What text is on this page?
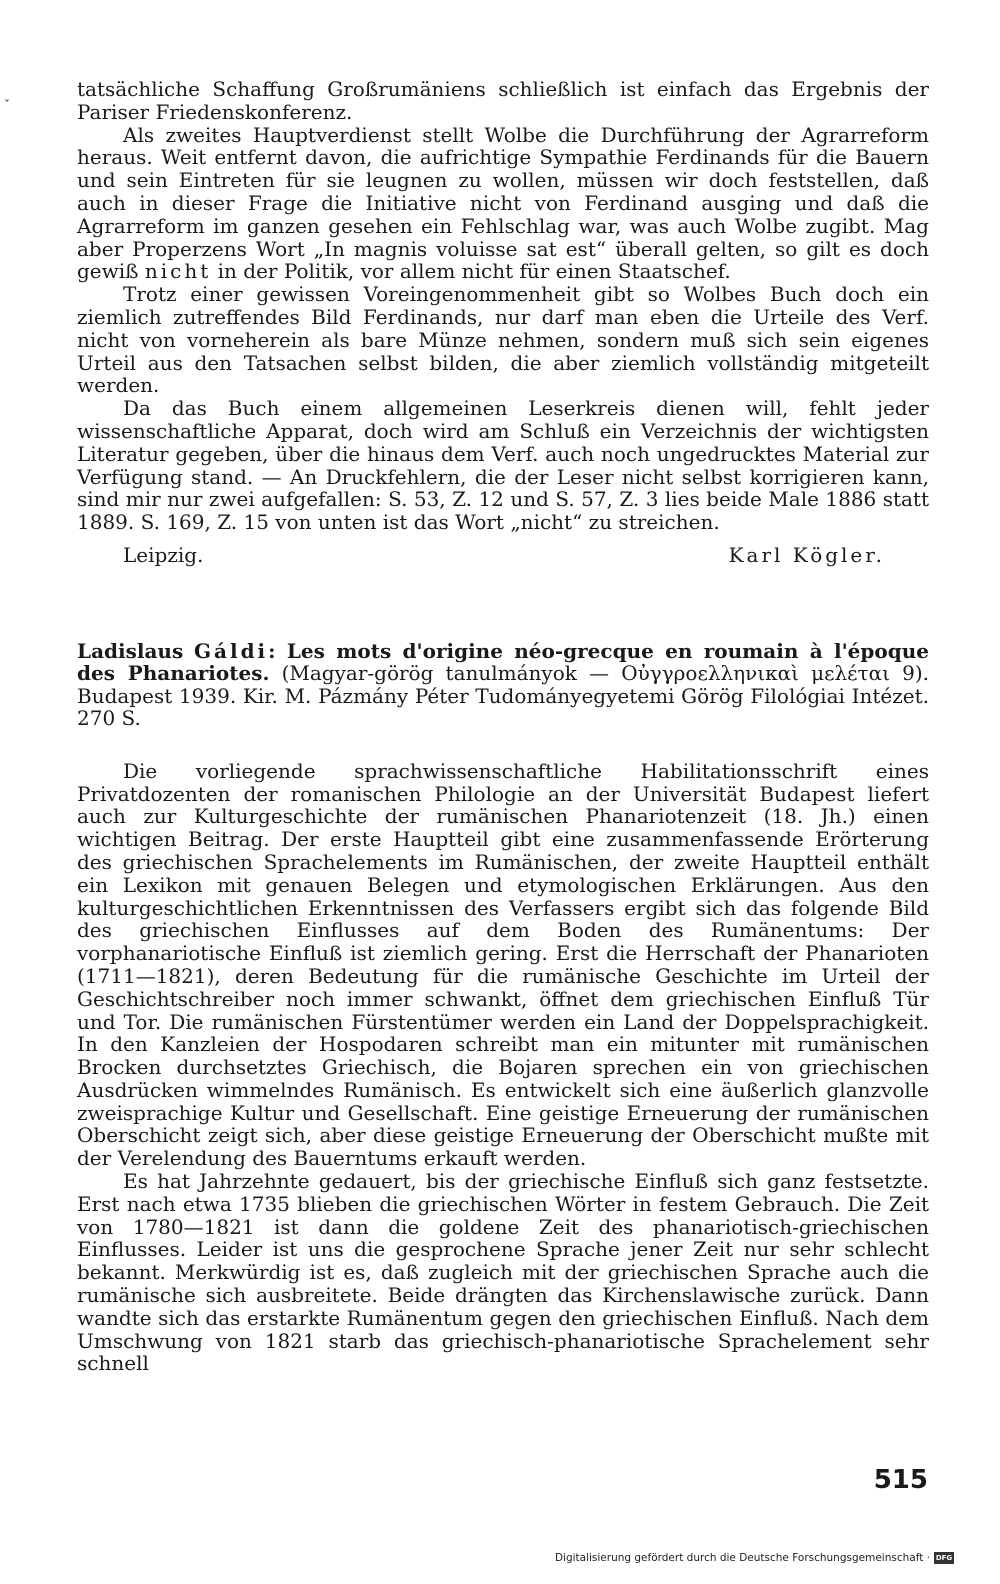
ˇ

tatsächliche Schaffung Großrumäniens schließlich ist einfach das Ergebnis der Pariser Friedenskonferenz.

Als zweites Hauptverdienst stellt Wolbe die Durchführung der Agrarreform heraus. Weit entfernt davon, die aufrichtige Sympathie Ferdinands für die Bauern und sein Eintreten für sie leugnen zu wollen, müssen wir doch feststellen, daß auch in dieser Frage die Initiative nicht von Ferdinand ausging und daß die Agrarreform im ganzen gesehen ein Fehlschlag war, was auch Wolbe zugibt. Mag aber Properzens Wort „In magnis voluisse sat est“ überall gelten, so gilt es doch gewiß nicht in der Politik, vor allem nicht für einen Staatschef.

Trotz einer gewissen Voreingenommenheit gibt so Wolbes Buch doch ein ziemlich zutreffendes Bild Ferdinands, nur darf man eben die Urteile des Verf. nicht von vorneherein als bare Münze nehmen, sondern muß sich sein eigenes Urteil aus den Tatsachen selbst bilden, die aber ziemlich vollständig mitgeteilt werden.

Da das Buch einem allgemeinen Leserkreis dienen will, fehlt jeder wissenschaftliche Apparat, doch wird am Schluß ein Verzeichnis der wichtigsten Literatur gegeben, über die hinaus dem Verf. auch noch ungedrucktes Material zur Verfügung stand. — An Druckfehlern, die der Leser nicht selbst korrigieren kann, sind mir nur zwei aufgefallen: S. 53, Z. 12 und S. 57, Z. 3 lies beide Male 1886 statt 1889. S. 169, Z. 15 von unten ist das Wort „nicht“ zu streichen.

Leipzig.	Karl Kögler.
Ladislaus Gáldi: Les mots d'origine néo-grecque en roumain à l'époque des Phanariotes. (Magyar-görög tanulmányok — Οὐγγροελληνικαὶ μελέται 9). Budapest 1939. Kir. M. Pázmány Péter Tudományegyetemi Görög Filológiai Intézet. 270 S.

Die vorliegende sprachwissenschaftliche Habilitationsschrift eines Privatdozenten der romanischen Philologie an der Universität Budapest liefert auch zur Kulturgeschichte der rumänischen Phanariotenzeit (18. Jh.) einen wichtigen Beitrag. Der erste Hauptteil gibt eine zusammenfassende Erörterung des griechischen Sprachelements im Rumänischen, der zweite Hauptteil enthält ein Lexikon mit genauen Belegen und etymologischen Erklärungen. Aus den kulturgeschichtlichen Erkenntnissen des Verfassers ergibt sich das folgende Bild des griechischen Einflusses auf dem Boden des Rumänentums: Der vorphanariotische Einfluß ist ziemlich gering. Erst die Herrschaft der Phanarioten (1711—1821), deren Bedeutung für die rumänische Geschichte im Urteil der Geschichtschreiber noch immer schwankt, öffnet dem griechischen Einfluß Tür und Tor. Die rumänischen Fürstentümer werden ein Land der Doppelsprachigkeit. In den Kanzleien der Hospodaren schreibt man ein mitunter mit rumänischen Brocken durchsetztes Griechisch, die Bojaren sprechen ein von griechischen Ausdrücken wimmelndes Rumänisch. Es entwickelt sich eine äußerlich glanzvolle zweisprachige Kultur und Gesellschaft. Eine geistige Erneuerung der rumänischen Oberschicht zeigt sich, aber diese geistige Erneuerung der Oberschicht mußte mit der Verelendung des Bauerntums erkauft werden.

Es hat Jahrzehnte gedauert, bis der griechische Einfluß sich ganz festsetzte. Erst nach etwa 1735 blieben die griechischen Wörter in festem Gebrauch. Die Zeit von 1780—1821 ist dann die goldene Zeit des phanariotisch-griechischen Einflusses. Leider ist uns die gesprochene Sprache jener Zeit nur sehr schlecht bekannt. Merkwürdig ist es, daß zugleich mit der griechischen Sprache auch die rumänische sich ausbreitete. Beide drängten das Kirchenslawische zurück. Dann wandte sich das erstarkte Rumänentum gegen den griechischen Einfluß. Nach dem Umschwung von 1821 starb das griechisch-phanariotische Sprachelement sehr schnell

515
Digitalisierung gefördert durch die Deutsche Forschungsgemeinschaft · DFG
